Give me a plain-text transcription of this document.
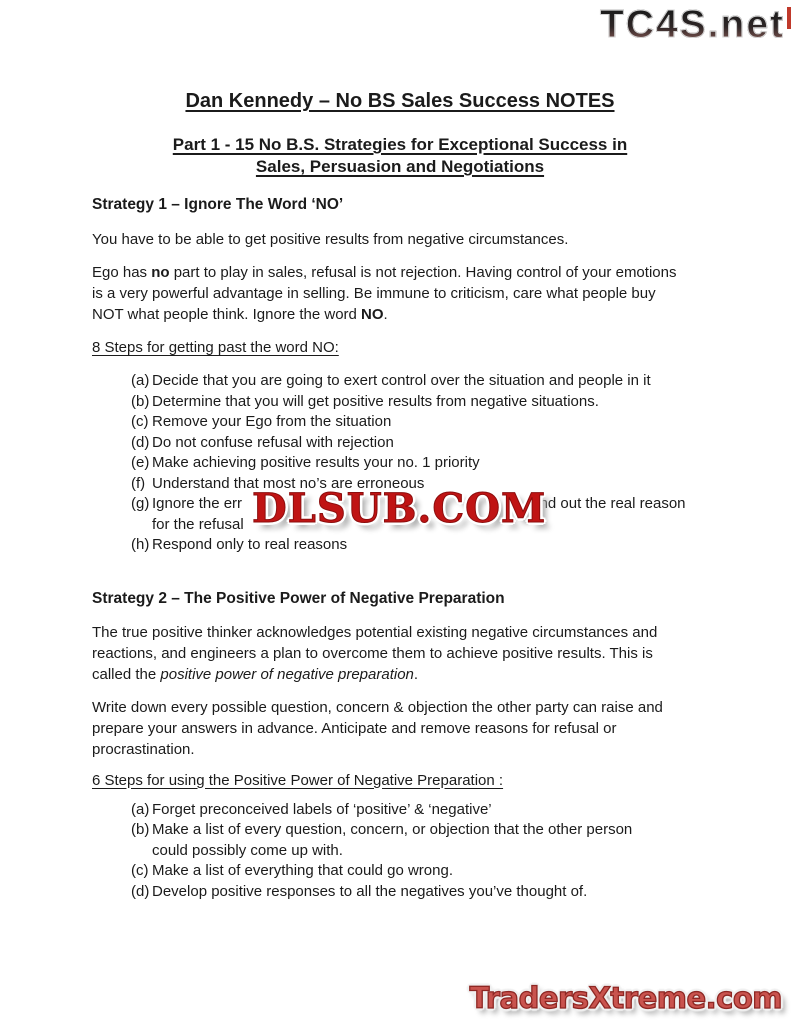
TC4S.net
Dan Kennedy – No BS Sales Success NOTES
Part 1 - 15 No B.S. Strategies for Exceptional Success in
Sales, Persuasion and Negotiations
Strategy 1 – Ignore The Word ‘NO’
You have to be able to get positive results from negative circumstances.
Ego has no part to play in sales, refusal is not rejection. Having control of your emotions
is a very powerful advantage in selling. Be immune to criticism, care what people buy
NOT what people think. Ignore the word NO.
8 Steps for getting past the word NO:
(a) Decide that you are going to exert control over the situation and people in it
(b) Determine that you will get positive results from negative situations.
(c) Remove your Ego from the situation
(d) Do not confuse refusal with rejection
(e) Make achieving positive results your no. 1 priority
(f) Understand that most no’s are erroneous
(g) Ignore the err	find out the real reason
for the refusal
(h) Respond only to real reasons
Strategy 2 – The Positive Power of Negative Preparation
The true positive thinker acknowledges potential existing negative circumstances and
reactions, and engineers a plan to overcome them to achieve positive results. This is
called the positive power of negative preparation.
Write down every possible question, concern & objection the other party can raise and
prepare your answers in advance. Anticipate and remove reasons for refusal or
procrastination.
6 Steps for using the Positive Power of Negative Preparation :
(a) Forget preconceived labels of ‘positive’ & ‘negative’
(b) Make a list of every question, concern, or objection that the other person
could possibly come up with.
(c) Make a list of everything that could go wrong.
(d) Develop positive responses to all the negatives you’ve thought of.
DLSUB.COM
TradersXtreme.com
